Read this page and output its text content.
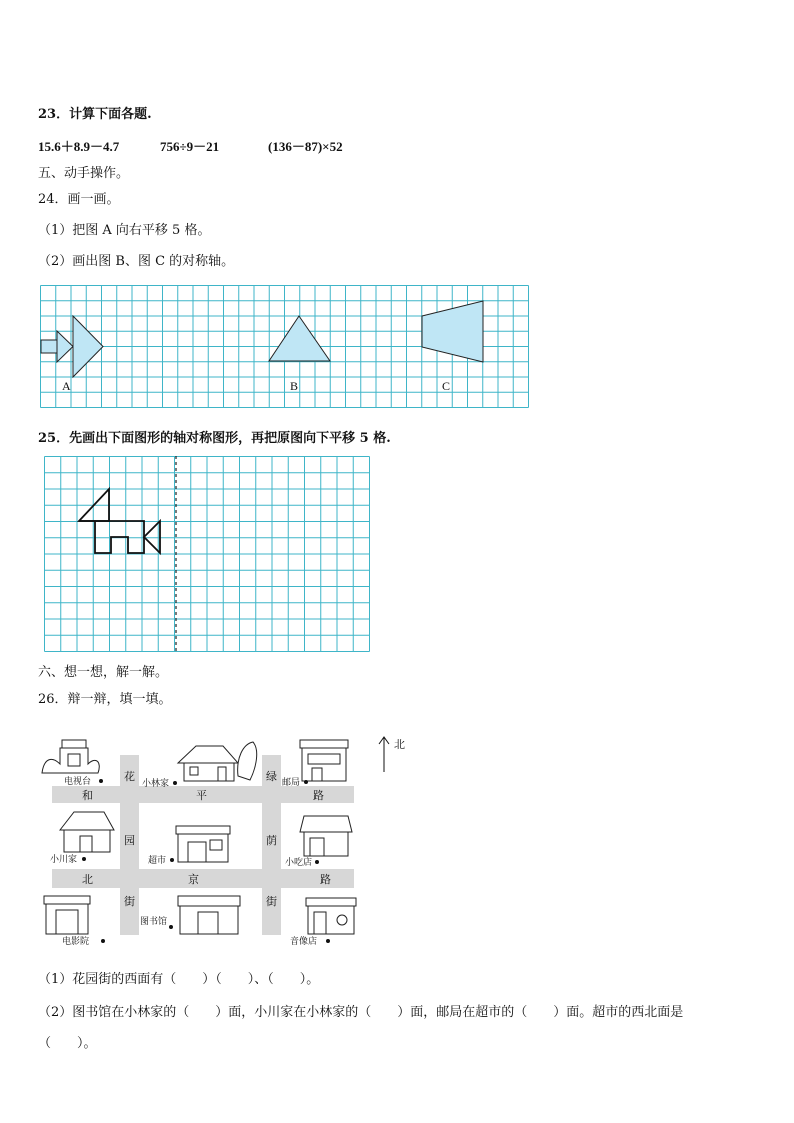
23．计算下面各题.
15.6＋8.9－4.7	756÷9－21	(136－87)×52
五、动手操作。
24．画一画。
（1）把图 A 向右平移 5 格。
（2）画出图 B、图 C 的对称轴。
A	B	C
25．先画出下面图形的轴对称图形，再把原图向下平移 5 格.
六、想一想，解一解。
26．辩一辩，填一填。
花
园
街
绿
荫
街
和	平	路
北	京	路
电视台	小林家	邮局
小川家	超市	小吃店
电影院
图书馆
音像店
北
（1）花园街的西面有（　　）（　　）、（　　）。
（2）图书馆在小林家的（　　）面，小川家在小林家的（　　）面，邮局在超市的（　　）面。超市的西北面是
（　　）。
